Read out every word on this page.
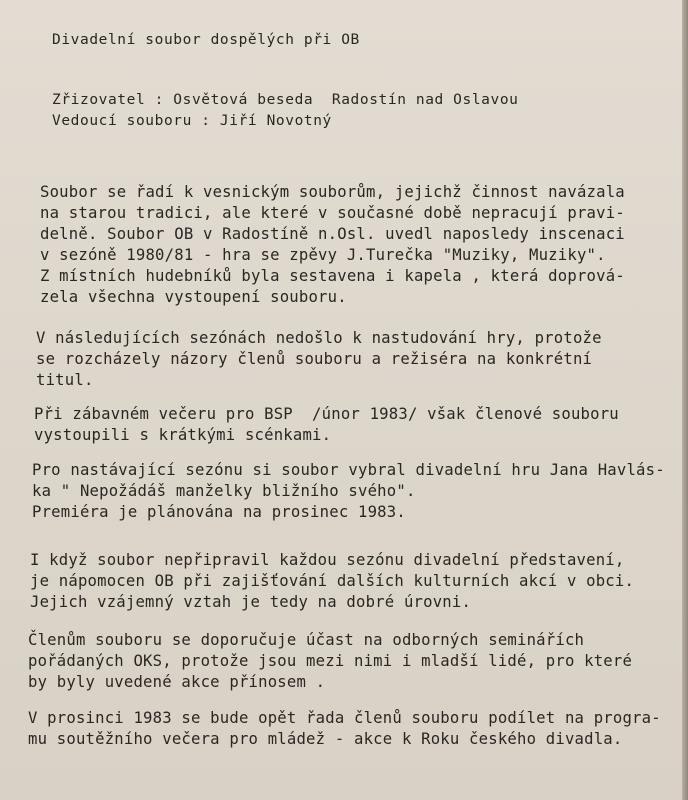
Divadelní soubor dospělých při OB
Zřizovatel : Osvětová beseda  Radostín nad Oslavou
Vedoucí souboru : Jiří Novotný
Soubor se řadí k vesnickým souborům, jejichž činnost navázala
na starou tradici, ale které v současné době nepracují pravi-
delně. Soubor OB v Radostíně n.Osl. uvedl naposledy inscenaci
v sezóně 1980/81 - hra se zpěvy J.Turečka "Muziky, Muziky".
Z místních hudebníků byla sestavena i kapela , která doprová-
zela všechna vystoupení souboru.
V následujících sezónách nedošlo k nastudování hry, protože
se rozcházely názory členů souboru a režiséra na konkrétní
titul.
Při zábavném večeru pro BSP  /únor 1983/ však členové souboru
vystoupili s krátkými scénkami.
Pro nastávající sezónu si soubor vybral divadelní hru Jana Havlás-
ka " Nepožádáš manželky bližního svého".
Premiéra je plánována na prosinec 1983.
I když soubor nepřipravil každou sezónu divadelní představení,
je nápomocen OB při zajišťování dalších kulturních akcí v obci.
Jejich vzájemný vztah je tedy na dobré úrovni.
Členům souboru se doporučuje účast na odborných seminářích
pořádaných OKS, protože jsou mezi nimi i mladší lidé, pro které
by byly uvedené akce přínosem .
V prosinci 1983 se bude opět řada členů souboru podílet na progra-
mu soutěžního večera pro mládež - akce k Roku českého divadla.
